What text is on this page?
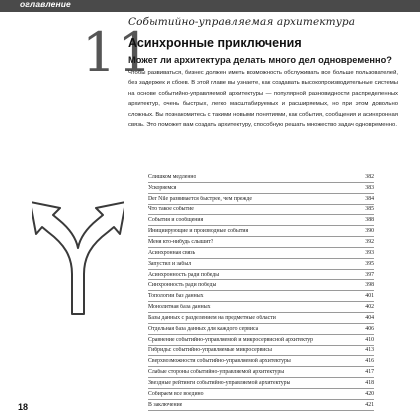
оглавление
11
Событийно-управляемая архитектура
Асинхронные приключения
Может ли архитектура делать много дел одновременно?

Чтобы развиваться, бизнес должен иметь возможность обслуживать все больше пользователей, без задержек и сбоев. В этой главе вы узнаете, как создавать высокопроизводительные системы на основе событийно-управляемой архитектуры — популярной разновидности распределенных архитектур, очень быстрых, легко масштабируемых и расширяемых, но при этом довольно сложных. Вы познакомитесь с такими новыми понятиями, как события, сообщения и асинхронная связь. Это поможет вам создать архитектуру, способную решать множество задач одновременно.

Слишком медленно	382
Ускоряемся	383
Der Nile развивается быстрее, чем прежде	384
Что такое событие	385
События и сообщения	388
Инициирующие и производные события	390
Меня кто-нибудь слышит?	392
Асинхронная связь	393
Запустил и забыл	395
Асинхронность ради победы	397
Синхронность ради победы	398
Топологии баз данных	401
Монолитная база данных	402
Базы данных с разделением на предметные области	404
Отдельная база данных для каждого сервиса	406
Сравнение событийно-управляемой и микросервисной архитектур	410
Гибриды: событийно-управляемые микросервисы	413
Сверхвозможности событийно-управляемой архитектуры	416
Слабые стороны событийно-управляемой архитектуры	417
Звездные рейтинги событийно-управляемой архитектуры	418
Собираем все воедино	420
В заключение	421
18
